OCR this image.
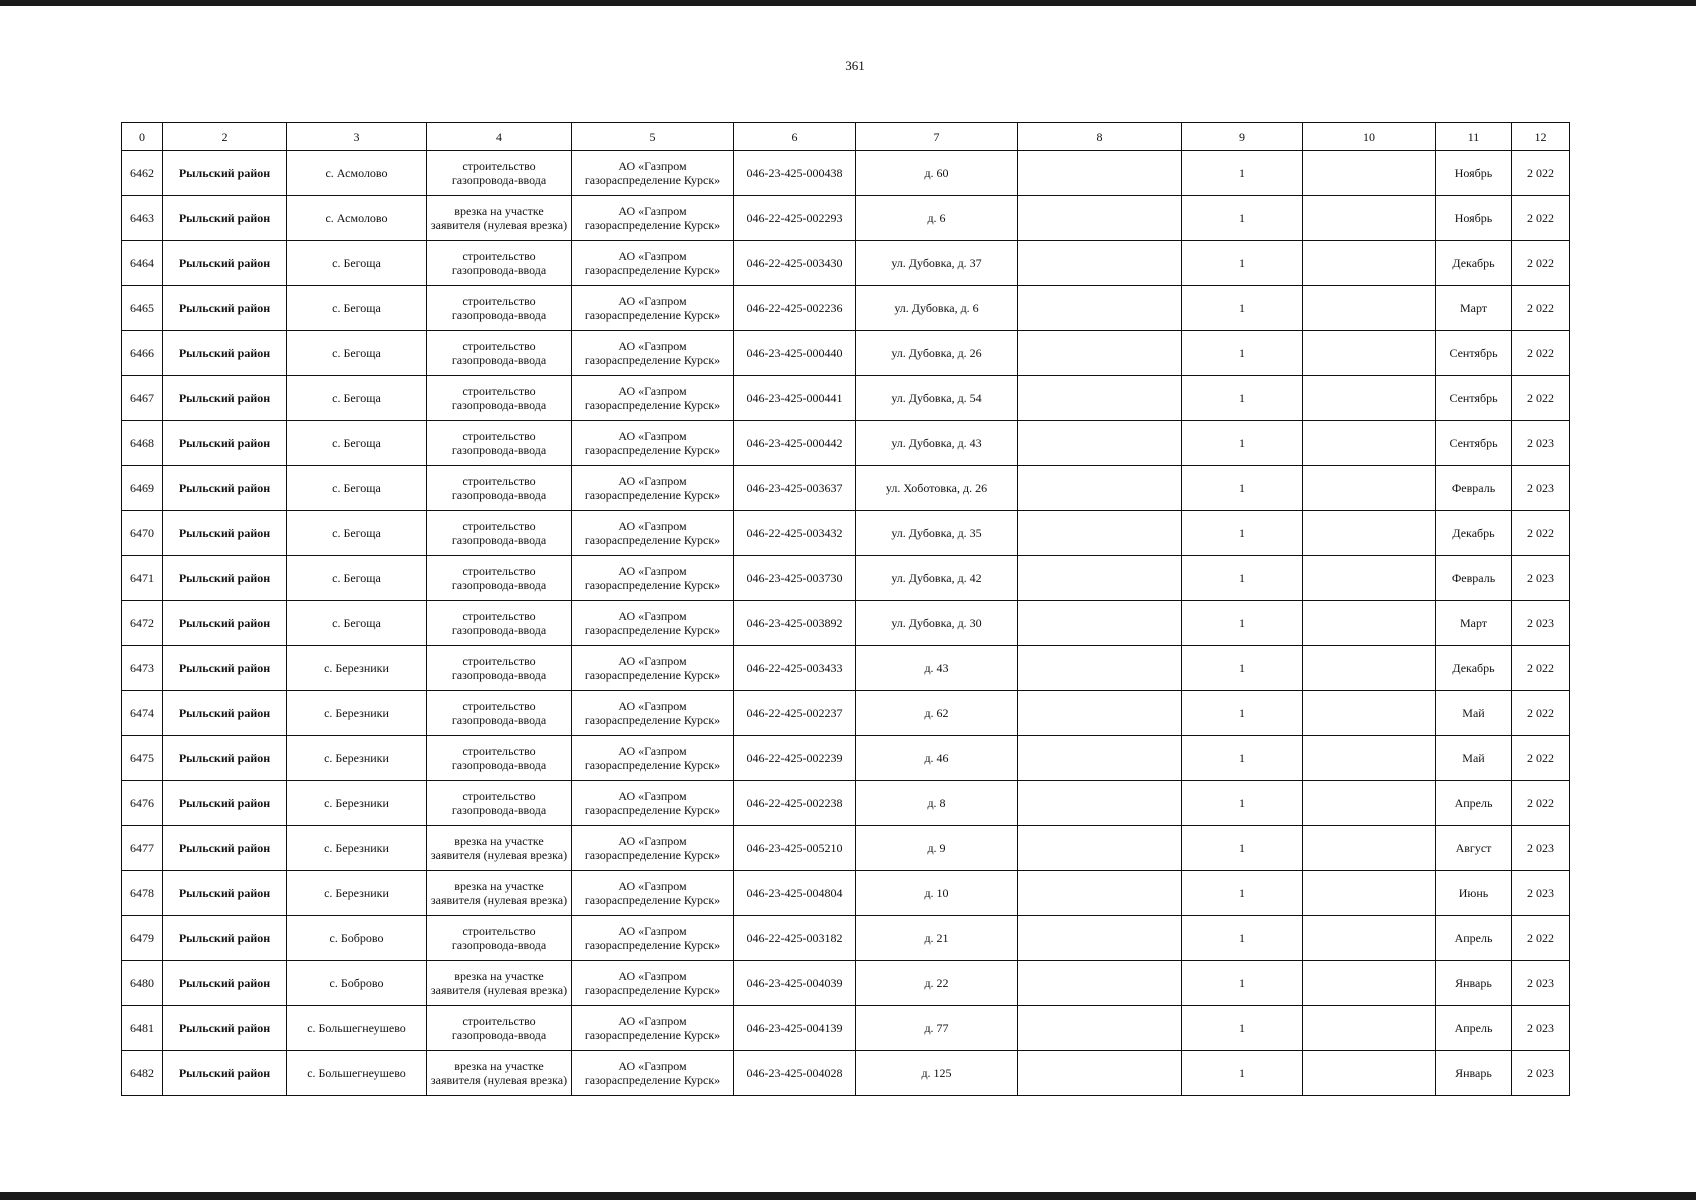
361
0	2	3	4	5	6	7	8	9	10	11	12
6462	Рыльский район	с. Асмолово	строительство газопровода-ввода	АО «Газпром газораспределение Курск»	046-23-425-000438	д. 60		1		Ноябрь	2 022
6463	Рыльский район	с. Асмолово	врезка на участке заявителя (нулевая врезка)	АО «Газпром газораспределение Курск»	046-22-425-002293	д. 6		1		Ноябрь	2 022
6464	Рыльский район	с. Бегоща	строительство газопровода-ввода	АО «Газпром газораспределение Курск»	046-22-425-003430	ул. Дубовка, д. 37		1		Декабрь	2 022
6465	Рыльский район	с. Бегоща	строительство газопровода-ввода	АО «Газпром газораспределение Курск»	046-22-425-002236	ул. Дубовка, д. 6		1		Март	2 022
6466	Рыльский район	с. Бегоща	строительство газопровода-ввода	АО «Газпром газораспределение Курск»	046-23-425-000440	ул. Дубовка, д. 26		1		Сентябрь	2 022
6467	Рыльский район	с. Бегоща	строительство газопровода-ввода	АО «Газпром газораспределение Курск»	046-23-425-000441	ул. Дубовка, д. 54		1		Сентябрь	2 022
6468	Рыльский район	с. Бегоща	строительство газопровода-ввода	АО «Газпром газораспределение Курск»	046-23-425-000442	ул. Дубовка, д. 43		1		Сентябрь	2 023
6469	Рыльский район	с. Бегоща	строительство газопровода-ввода	АО «Газпром газораспределение Курск»	046-23-425-003637	ул. Хоботовка, д. 26		1		Февраль	2 023
6470	Рыльский район	с. Бегоща	строительство газопровода-ввода	АО «Газпром газораспределение Курск»	046-22-425-003432	ул. Дубовка, д. 35		1		Декабрь	2 022
6471	Рыльский район	с. Бегоща	строительство газопровода-ввода	АО «Газпром газораспределение Курск»	046-23-425-003730	ул. Дубовка, д. 42		1		Февраль	2 023
6472	Рыльский район	с. Бегоща	строительство газопровода-ввода	АО «Газпром газораспределение Курск»	046-23-425-003892	ул. Дубовка, д. 30		1		Март	2 023
6473	Рыльский район	с. Березники	строительство газопровода-ввода	АО «Газпром газораспределение Курск»	046-22-425-003433	д. 43		1		Декабрь	2 022
6474	Рыльский район	с. Березники	строительство газопровода-ввода	АО «Газпром газораспределение Курск»	046-22-425-002237	д. 62		1		Май	2 022
6475	Рыльский район	с. Березники	строительство газопровода-ввода	АО «Газпром газораспределение Курск»	046-22-425-002239	д. 46		1		Май	2 022
6476	Рыльский район	с. Березники	строительство газопровода-ввода	АО «Газпром газораспределение Курск»	046-22-425-002238	д. 8		1		Апрель	2 022
6477	Рыльский район	с. Березники	врезка на участке заявителя (нулевая врезка)	АО «Газпром газораспределение Курск»	046-23-425-005210	д. 9		1		Август	2 023
6478	Рыльский район	с. Березники	врезка на участке заявителя (нулевая врезка)	АО «Газпром газораспределение Курск»	046-23-425-004804	д. 10		1		Июнь	2 023
6479	Рыльский район	с. Боброво	строительство газопровода-ввода	АО «Газпром газораспределение Курск»	046-22-425-003182	д. 21		1		Апрель	2 022
6480	Рыльский район	с. Боброво	врезка на участке заявителя (нулевая врезка)	АО «Газпром газораспределение Курск»	046-23-425-004039	д. 22		1		Январь	2 023
6481	Рыльский район	с. Большегнеушево	строительство газопровода-ввода	АО «Газпром газораспределение Курск»	046-23-425-004139	д. 77		1		Апрель	2 023
6482	Рыльский район	с. Большегнеушево	врезка на участке заявителя (нулевая врезка)	АО «Газпром газораспределение Курск»	046-23-425-004028	д. 125		1		Январь	2 023
